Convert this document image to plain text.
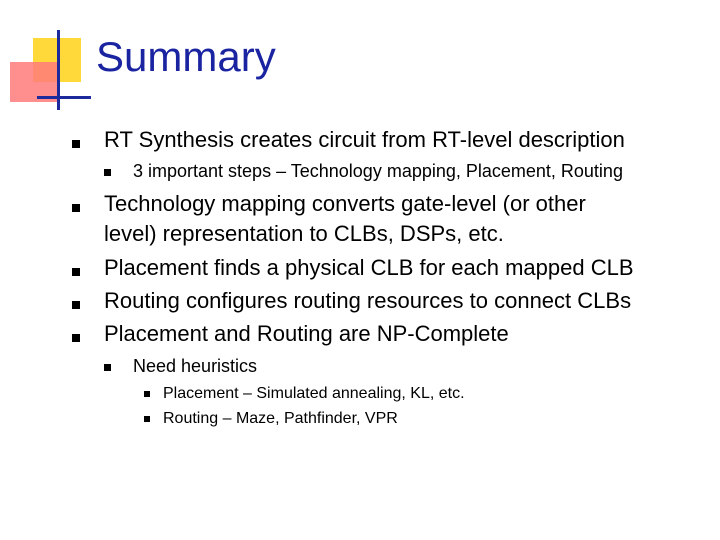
Summary
RT Synthesis creates circuit from RT-level description
3 important steps – Technology mapping, Placement, Routing
Technology mapping converts gate-level (or other
level) representation to CLBs, DSPs, etc.
Placement finds a physical CLB for each mapped CLB
Routing configures routing resources to connect CLBs
Placement and Routing are NP-Complete
Need heuristics
Placement – Simulated annealing, KL, etc.
Routing – Maze, Pathfinder, VPR
